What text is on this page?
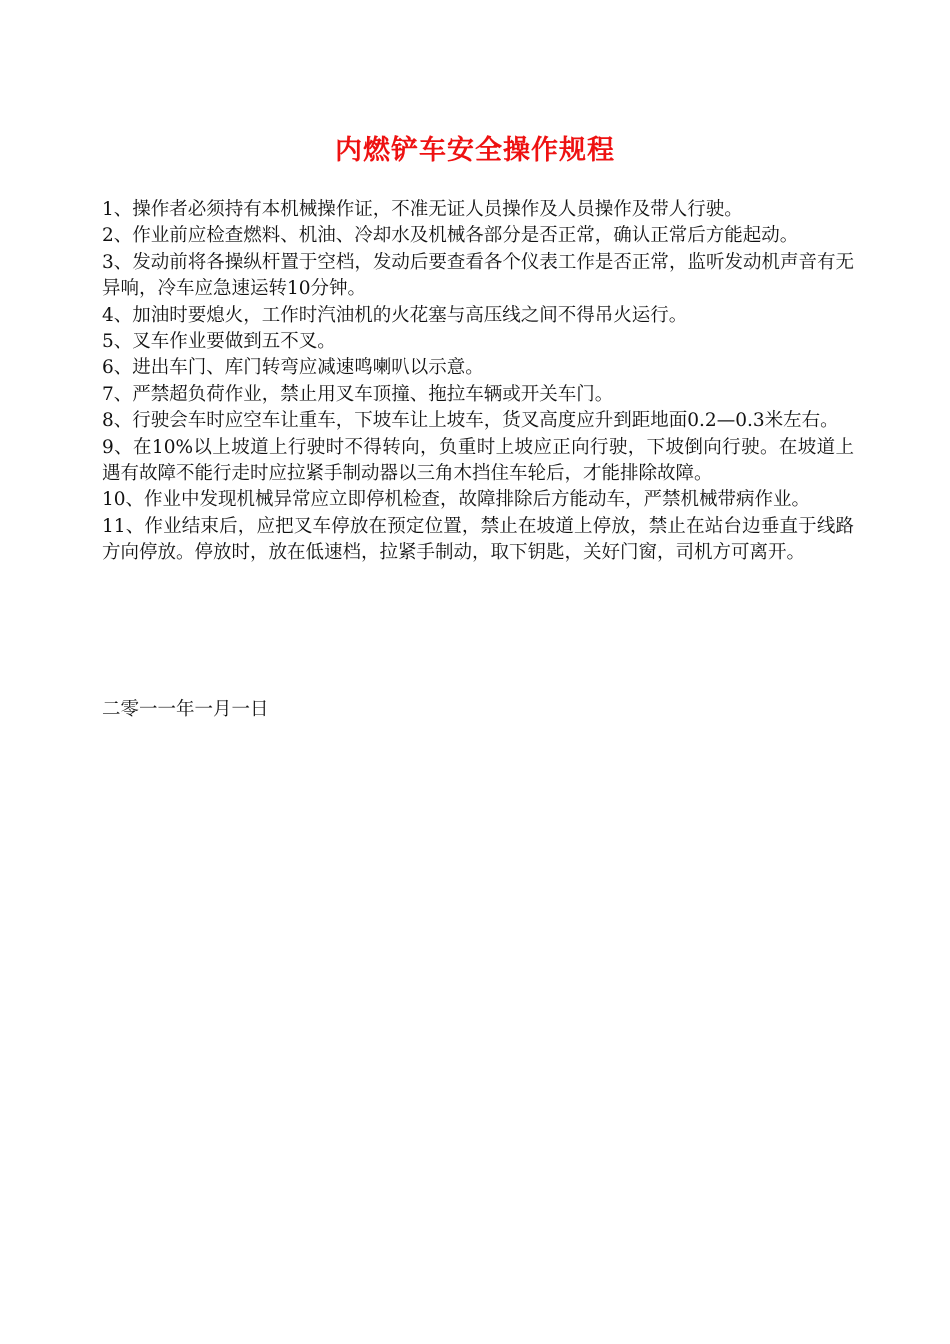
内燃铲车安全操作规程

1、操作者必须持有本机械操作证，不准无证人员操作及人员操作及带人行驶。

2、作业前应检查燃料、机油、冷却水及机械各部分是否正常，确认正常后方能起动。

3、发动前将各操纵杆置于空档，发动后要查看各个仪表工作是否正常，监听发动机声音有无异响，冷车应急速运转10分钟。

4、加油时要熄火，工作时汽油机的火花塞与高压线之间不得吊火运行。

5、叉车作业要做到五不叉。

6、进出车门、库门转弯应减速鸣喇叭以示意。

7、严禁超负荷作业，禁止用叉车顶撞、拖拉车辆或开关车门。

8、行驶会车时应空车让重车，下坡车让上坡车，货叉高度应升到距地面0.2—0.3米左右。

9、在10%以上坡道上行驶时不得转向，负重时上坡应正向行驶，下坡倒向行驶。在坡道上遇有故障不能行走时应拉紧手制动器以三角木挡住车轮后，才能排除故障。

10、作业中发现机械异常应立即停机检查，故障排除后方能动车，严禁机械带病作业。

11、作业结束后，应把叉车停放在预定位置，禁止在坡道上停放，禁止在站台边垂直于线路方向停放。停放时，放在低速档，拉紧手制动，取下钥匙，关好门窗，司机方可离开。

二零一一年一月一日
